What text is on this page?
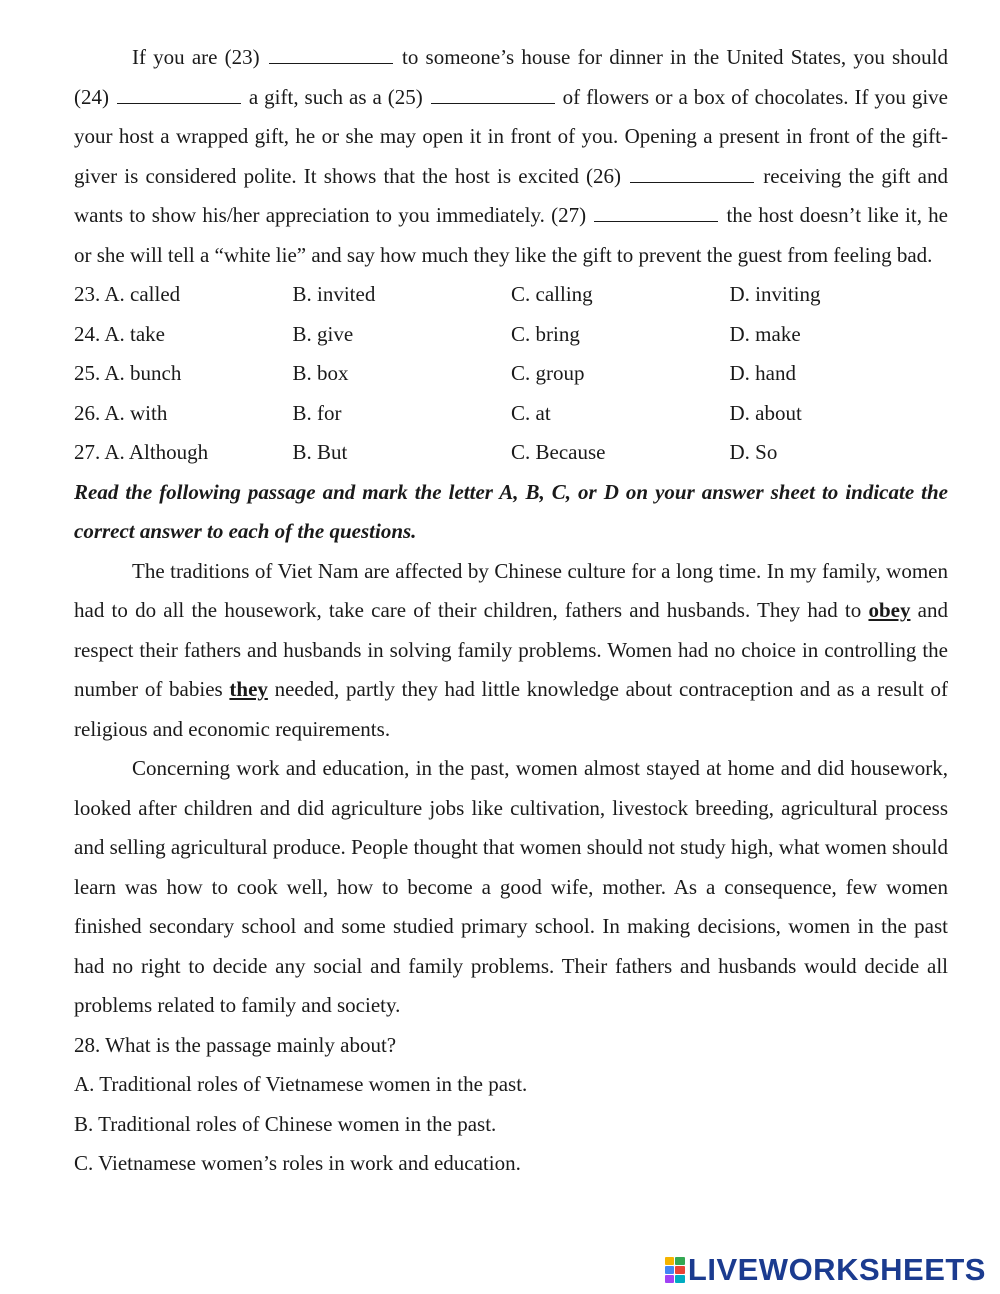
If you are (23)	to someone’s house for dinner in the United States, you should (24)	a gift, such as a (25)	of flowers or a box of chocolates. If you give your host a wrapped gift, he or she may open it in front of you. Opening a present in front of the gift-giver is considered polite. It shows that the host is excited (26)	receiving the gift and wants to show his/her appreciation to you immediately. (27)	the host doesn’t like it, he or she will tell a “white lie” and say how much they like the gift to prevent the guest from feeling bad.

23. A. called	B. invited	C. calling	D. inviting
24. A. take	B. give	C. bring	D. make
25. A. bunch	B. box	C. group	D. hand
26. A. with	B. for	C. at	D. about
27. A. Although	B. But	C. Because	D. So

Read the following passage and mark the letter A, B, C, or D on your answer sheet to indicate the correct answer to each of the questions.

The traditions of Viet Nam are affected by Chinese culture for a long time. In my family, women had to do all the housework, take care of their children, fathers and husbands. They had to obey and respect their fathers and husbands in solving family problems. Women had no choice in controlling the number of babies they needed, partly they had little knowledge about contraception and as a result of religious and economic requirements.

Concerning work and education, in the past, women almost stayed at home and did housework, looked after children and did agriculture jobs like cultivation, livestock breeding, agricultural process and selling agricultural produce. People thought that women should not study high, what women should learn was how to cook well, how to become a good wife, mother. As a consequence, few women finished secondary school and some studied primary school. In making decisions, women in the past had no right to decide any social and family problems. Their fathers and husbands would decide all problems related to family and society.

28. What is the passage mainly about?

A. Traditional roles of Vietnamese women in the past.

B. Traditional roles of Chinese women in the past.

C. Vietnamese women’s roles in work and education.

LIVEWORKSHEETS
